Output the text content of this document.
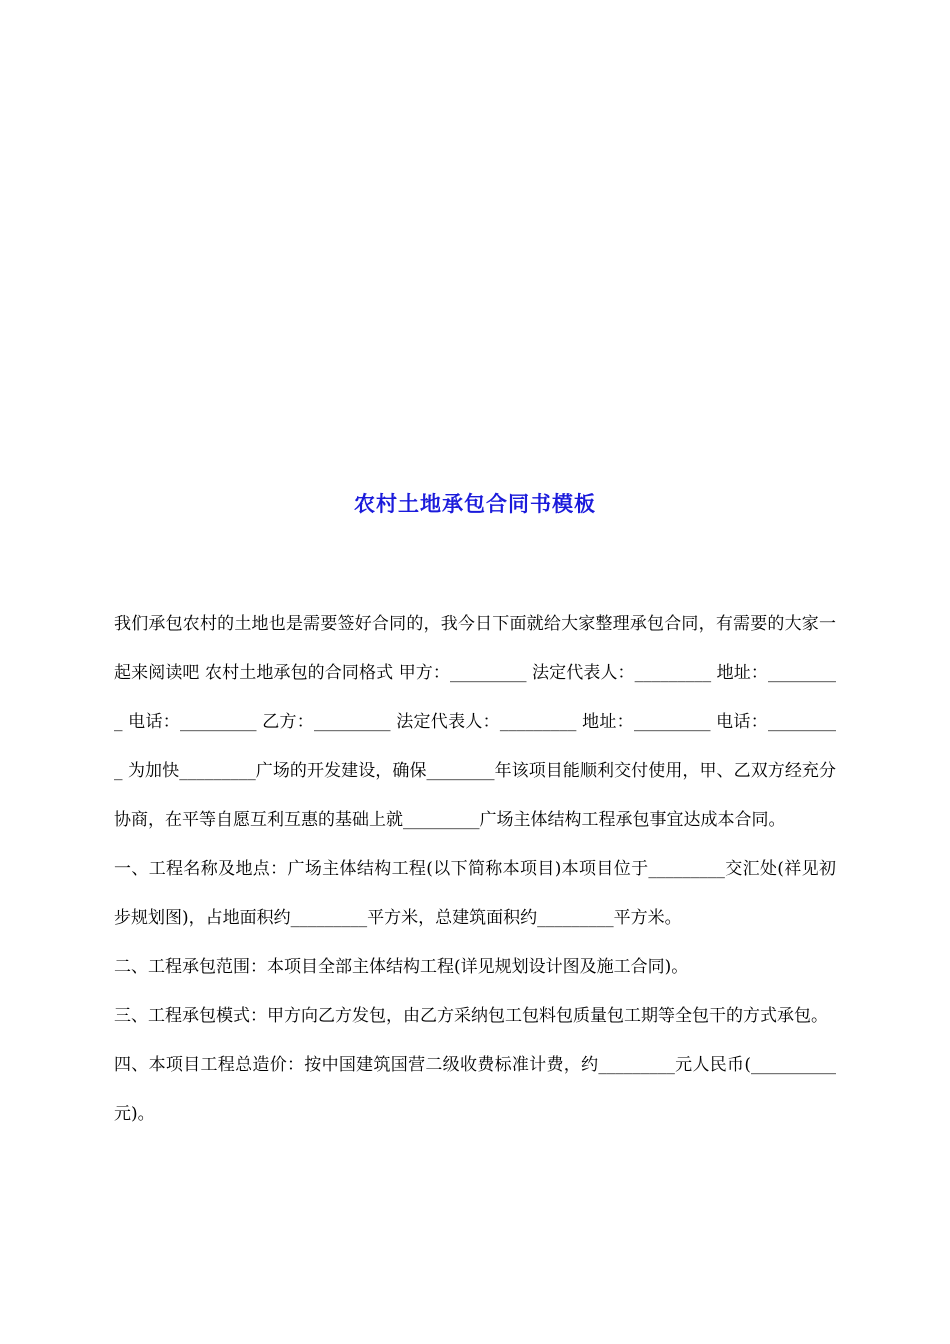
农村土地承包合同书模板

我们承包农村的土地也是需要签好合同的，我今日下面就给大家整理承包合同，有需要的大家一起来阅读吧 农村土地承包的合同格式 甲方：_________ 法定代表人：_________ 地址：_________ 电话：_________ 乙方：_________ 法定代表人：_________ 地址：_________ 电话：_________ 为加快_________广场的开发建设，确保________年该项目能顺利交付使用，甲、乙双方经充分协商，在平等自愿互利互惠的基础上就_________广场主体结构工程承包事宜达成本合同。

一、工程名称及地点：广场主体结构工程(以下简称本项目)本项目位于_________交汇处(祥见初步规划图)，占地面积约_________平方米，总建筑面积约_________平方米。

二、工程承包范围：本项目全部主体结构工程(详见规划设计图及施工合同)。

三、工程承包模式：甲方向乙方发包，由乙方采纳包工包料包质量包工期等全包干的方式承包。

四、本项目工程总造价：按中国建筑国营二级收费标准计费，约_________元人民币(__________元)。
